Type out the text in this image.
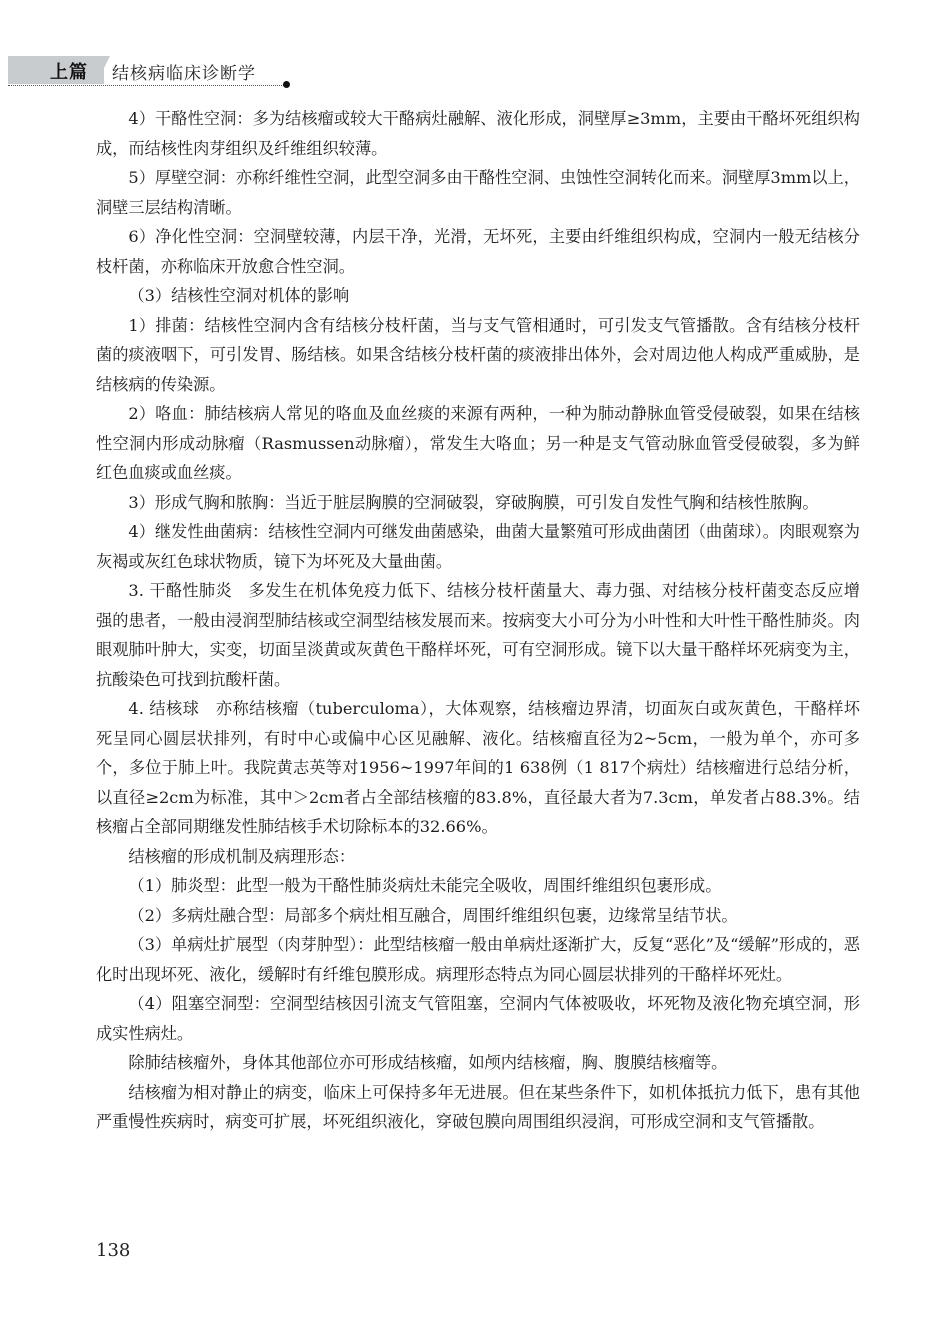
上篇 结核病临床诊断学

4）干酪性空洞：多为结核瘤或较大干酪病灶融解、液化形成，洞壁厚≥3mm，主要由干酪坏死组织构成，而结核性肉芽组织及纤维组织较薄。

5）厚壁空洞：亦称纤维性空洞，此型空洞多由干酪性空洞、虫蚀性空洞转化而来。洞壁厚3mm以上，洞壁三层结构清晰。

6）净化性空洞：空洞壁较薄，内层干净，光滑，无坏死，主要由纤维组织构成，空洞内一般无结核分枝杆菌，亦称临床开放愈合性空洞。

（3）结核性空洞对机体的影响

1）排菌：结核性空洞内含有结核分枝杆菌，当与支气管相通时，可引发支气管播散。含有结核分枝杆菌的痰液咽下，可引发胃、肠结核。如果含结核分枝杆菌的痰液排出体外，会对周边他人构成严重威胁，是结核病的传染源。

2）咯血：肺结核病人常见的咯血及血丝痰的来源有两种，一种为肺动静脉血管受侵破裂，如果在结核性空洞内形成动脉瘤（Rasmussen动脉瘤），常发生大咯血；另一种是支气管动脉血管受侵破裂，多为鲜红色血痰或血丝痰。

3）形成气胸和脓胸：当近于脏层胸膜的空洞破裂，穿破胸膜，可引发自发性气胸和结核性脓胸。

4）继发性曲菌病：结核性空洞内可继发曲菌感染，曲菌大量繁殖可形成曲菌团（曲菌球）。肉眼观察为灰褐或灰红色球状物质，镜下为坏死及大量曲菌。

3. 干酪性肺炎　多发生在机体免疫力低下、结核分枝杆菌量大、毒力强、对结核分枝杆菌变态反应增强的患者，一般由浸润型肺结核或空洞型结核发展而来。按病变大小可分为小叶性和大叶性干酪性肺炎。肉眼观肺叶肿大，实变，切面呈淡黄或灰黄色干酪样坏死，可有空洞形成。镜下以大量干酪样坏死病变为主，抗酸染色可找到抗酸杆菌。

4. 结核球　亦称结核瘤（tuberculoma），大体观察，结核瘤边界清，切面灰白或灰黄色，干酪样坏死呈同心圆层状排列，有时中心或偏中心区见融解、液化。结核瘤直径为2~5cm，一般为单个，亦可多个，多位于肺上叶。我院黄志英等对1956~1997年间的1 638例（1 817个病灶）结核瘤进行总结分析，以直径≥2cm为标准，其中＞2cm者占全部结核瘤的83.8%，直径最大者为7.3cm，单发者占88.3%。结核瘤占全部同期继发性肺结核手术切除标本的32.66%。

结核瘤的形成机制及病理形态：

（1）肺炎型：此型一般为干酪性肺炎病灶未能完全吸收，周围纤维组织包裹形成。

（2）多病灶融合型：局部多个病灶相互融合，周围纤维组织包裹，边缘常呈结节状。

（3）单病灶扩展型（肉芽肿型）：此型结核瘤一般由单病灶逐渐扩大，反复“恶化”及“缓解”形成的，恶化时出现坏死、液化，缓解时有纤维包膜形成。病理形态特点为同心圆层状排列的干酪样坏死灶。

（4）阻塞空洞型：空洞型结核因引流支气管阻塞，空洞内气体被吸收，坏死物及液化物充填空洞，形成实性病灶。

除肺结核瘤外，身体其他部位亦可形成结核瘤，如颅内结核瘤，胸、腹膜结核瘤等。

结核瘤为相对静止的病变，临床上可保持多年无进展。但在某些条件下，如机体抵抗力低下，患有其他严重慢性疾病时，病变可扩展，坏死组织液化，穿破包膜向周围组织浸润，可形成空洞和支气管播散。

138
